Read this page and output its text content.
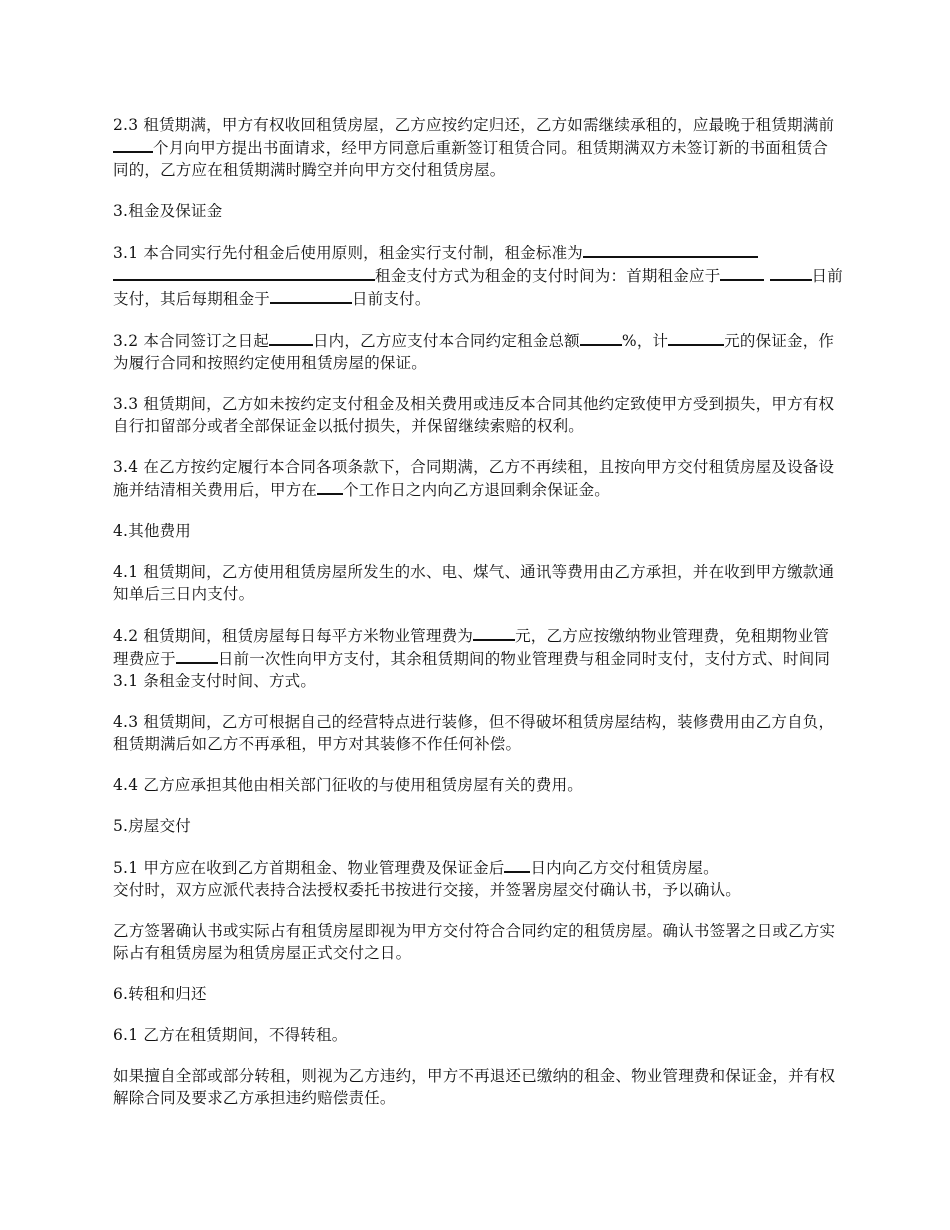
2.3 租赁期满，甲方有权收回租赁房屋，乙方应按约定归还，乙方如需继续承租的，应最晚于租赁期满前个月向甲方提出书面请求，经甲方同意后重新签订租赁合同。租赁期满双方未签订新的书面租赁合同的，乙方应在租赁期满时腾空并向甲方交付租赁房屋。

3.租金及保证金

3.1 本合同实行先付租金后使用原则，租金实行支付制，租金标准为 租金支付方式为租金的支付时间为：首期租金应于	日前支付，其后每期租金于	日前支付。

3.2 本合同签订之日起	日内，乙方应支付本合同约定租金总额	%，计	元的保证金，作为履行合同和按照约定使用租赁房屋的保证。

3.3 租赁期间，乙方如未按约定支付租金及相关费用或违反本合同其他约定致使甲方受到损失，甲方有权自行扣留部分或者全部保证金以抵付损失，并保留继续索赔的权利。

3.4 在乙方按约定履行本合同各项条款下，合同期满，乙方不再续租，且按向甲方交付租赁房屋及设备设施并结清相关费用后，甲方在 个工作日之内向乙方退回剩余保证金。

4.其他费用

4.1 租赁期间，乙方使用租赁房屋所发生的水、电、煤气、通讯等费用由乙方承担，并在收到甲方缴款通知单后三日内支付。

4.2 租赁期间，租赁房屋每日每平方米物业管理费为	元，乙方应按缴纳物业管理费，免租期物业管理费应于	日前一次性向甲方支付，其余租赁期间的物业管理费与租金同时支付，支付方式、时间同 3.1 条租金支付时间、方式。

4.3 租赁期间，乙方可根据自己的经营特点进行装修，但不得破坏租赁房屋结构，装修费用由乙方自负，租赁期满后如乙方不再承租，甲方对其装修不作任何补偿。

4.4 乙方应承担其他由相关部门征收的与使用租赁房屋有关的费用。

5.房屋交付

5.1 甲方应在收到乙方首期租金、物业管理费及保证金后 日内向乙方交付租赁房屋。
交付时，双方应派代表持合法授权委托书按进行交接，并签署房屋交付确认书，予以确认。

乙方签署确认书或实际占有租赁房屋即视为甲方交付符合合同约定的租赁房屋。确认书签署之日或乙方实际占有租赁房屋为租赁房屋正式交付之日。

6.转租和归还

6.1 乙方在租赁期间，不得转租。

如果擅自全部或部分转租，则视为乙方违约，甲方不再退还已缴纳的租金、物业管理费和保证金，并有权解除合同及要求乙方承担违约赔偿责任。
